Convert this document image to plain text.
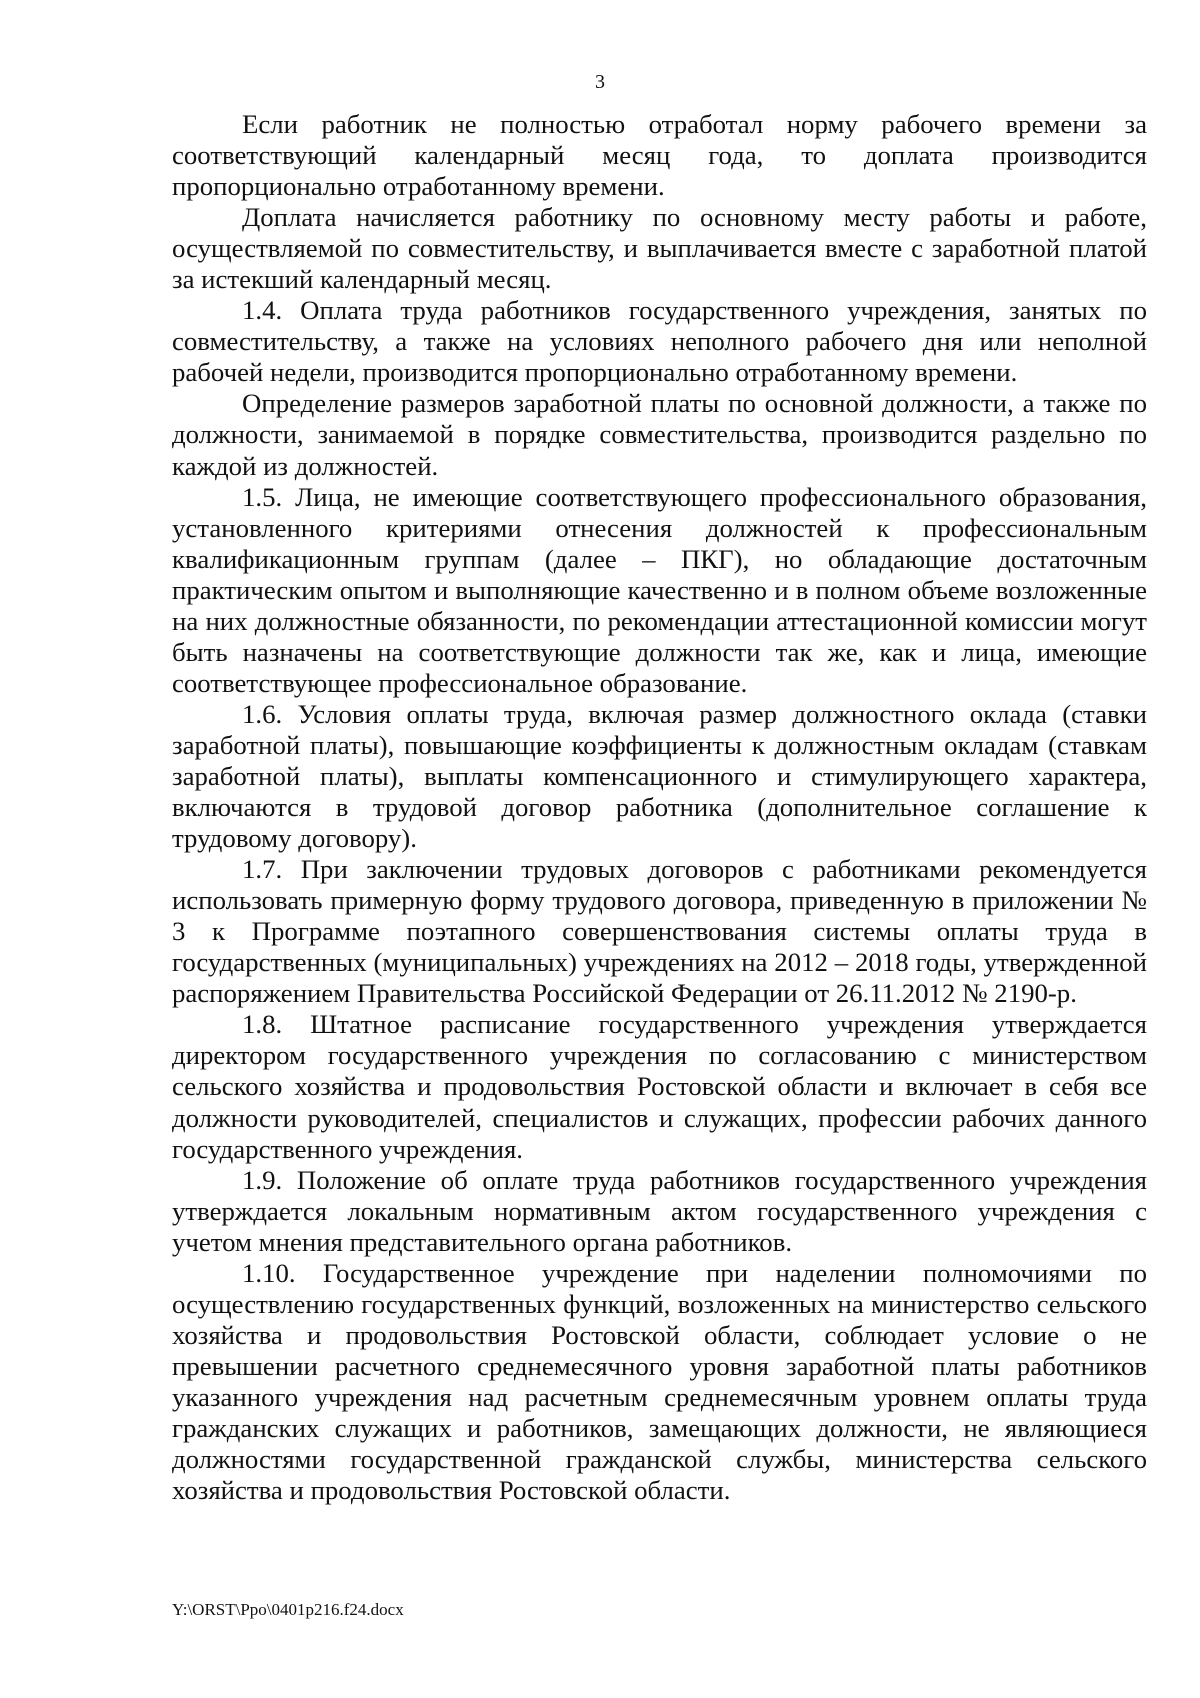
3

Если работник не полностью отработал норму рабочего времени за соответствующий календарный месяц года, то доплата производится пропорционально отработанному времени.

Доплата начисляется работнику по основному месту работы и работе, осуществляемой по совместительству, и выплачивается вместе с заработной платой за истекший календарный месяц.

1.4. Оплата труда работников государственного учреждения, занятых по совместительству, а также на условиях неполного рабочего дня или неполной рабочей недели, производится пропорционально отработанному времени.

Определение размеров заработной платы по основной должности, а также по должности, занимаемой в порядке совместительства, производится раздельно по каждой из должностей.

1.5. Лица, не имеющие соответствующего профессионального образования, установленного критериями отнесения должностей к профессиональным квалификационным группам (далее – ПКГ), но обладающие достаточным практическим опытом и выполняющие качественно и в полном объеме возложенные на них должностные обязанности, по рекомендации аттестационной комиссии могут быть назначены на соответствующие должности так же, как и лица, имеющие соответствующее профессиональное образование.

1.6. Условия оплаты труда, включая размер должностного оклада (ставки заработной платы), повышающие коэффициенты к должностным окладам (ставкам заработной платы), выплаты компенсационного и стимулирующего характера, включаются в трудовой договор работника (дополнительное соглашение к трудовому договору).

1.7. При заключении трудовых договоров с работниками рекомендуется использовать примерную форму трудового договора, приведенную в приложении № 3 к Программе поэтапного совершенствования системы оплаты труда в государственных (муниципальных) учреждениях на 2012 – 2018 годы, утвержденной распоряжением Правительства Российской Федерации от 26.11.2012 № 2190-р.

1.8. Штатное расписание государственного учреждения утверждается директором государственного учреждения по согласованию с министерством сельского хозяйства и продовольствия Ростовской области и включает в себя все должности руководителей, специалистов и служащих, профессии рабочих данного государственного учреждения.

1.9. Положение об оплате труда работников государственного учреждения утверждается локальным нормативным актом государственного учреждения с учетом мнения представительного органа работников.

1.10. Государственное учреждение при наделении полномочиями по осуществлению государственных функций, возложенных на министерство сельского хозяйства и продовольствия Ростовской области, соблюдает условие о не превышении расчетного среднемесячного уровня заработной платы работников указанного учреждения над расчетным среднемесячным уровнем оплаты труда гражданских служащих и работников, замещающих должности, не являющиеся должностями государственной гражданской службы, министерства сельского хозяйства и продовольствия Ростовской области.

Y:\ORST\Ppo\0401p216.f24.docx
